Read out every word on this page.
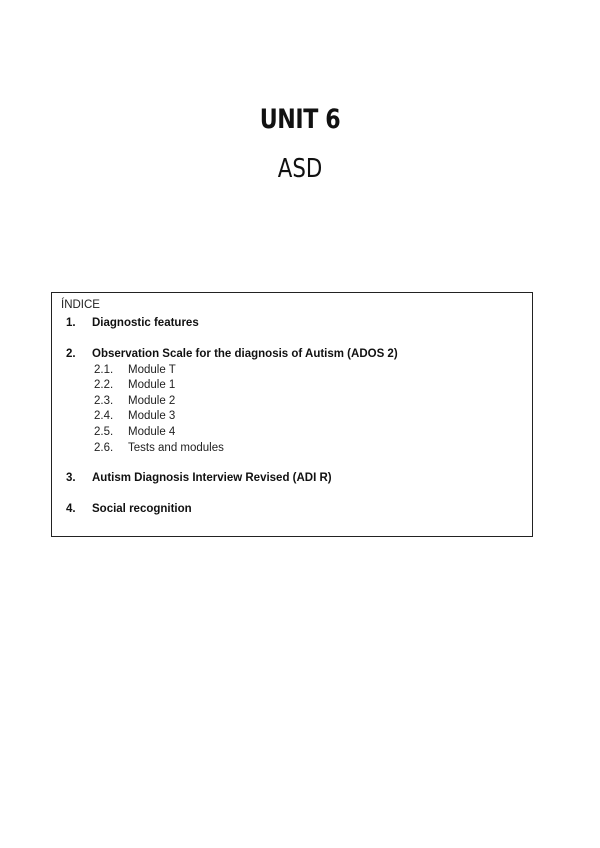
UNIT 6
ASD
ÍNDICE
1. Diagnostic features
2. Observation Scale for the diagnosis of Autism (ADOS 2)
2.1. Module T
2.2. Module 1
2.3. Module 2
2.4. Module 3
2.5. Module 4
2.6. Tests and modules
3. Autism Diagnosis Interview Revised (ADI R)
4. Social recognition
